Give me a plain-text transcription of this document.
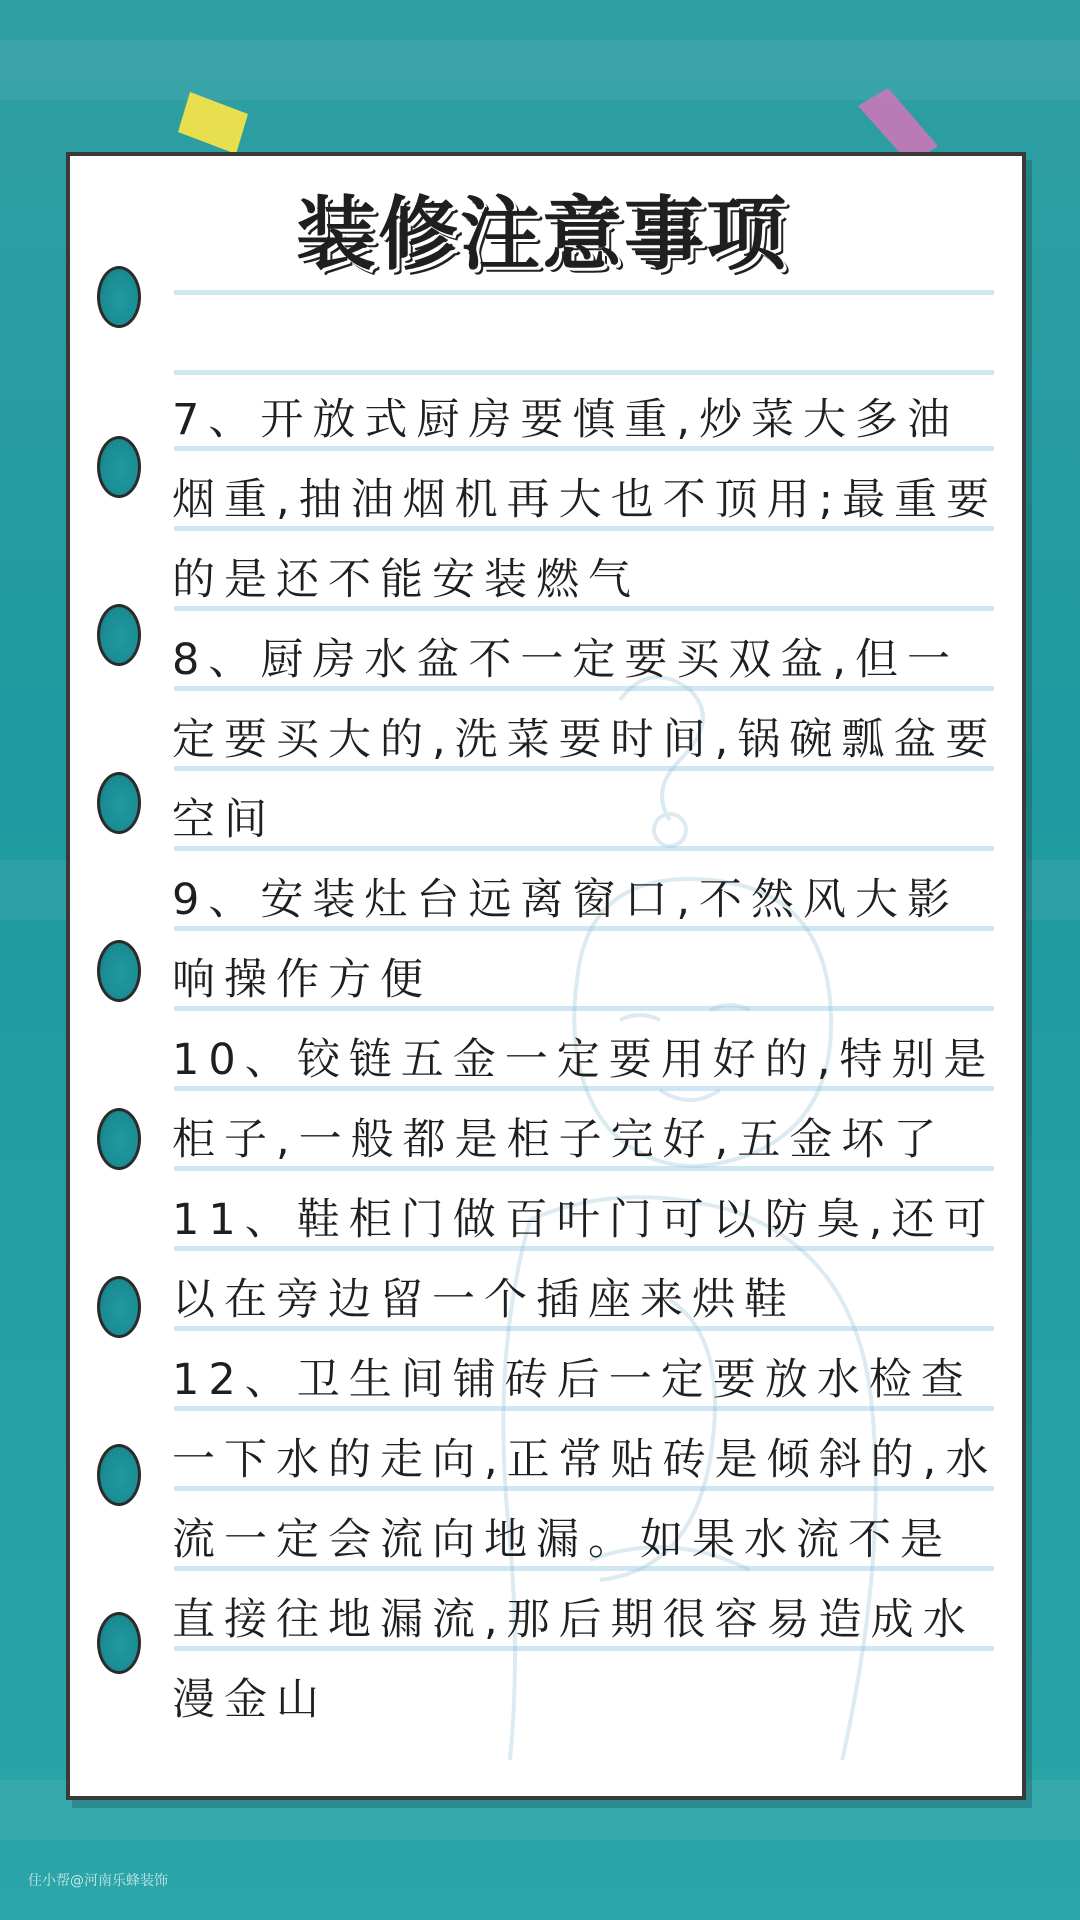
装修注意事项
7、开放式厨房要慎重,炒菜大多油
烟重,抽油烟机再大也不顶用;最重要
的是还不能安装燃气
8、厨房水盆不一定要买双盆,但一
定要买大的,洗菜要时间,锅碗瓢盆要
空间
9、安装灶台远离窗口,不然风大影
响操作方便
10、铰链五金一定要用好的,特别是
柜子,一般都是柜子完好,五金坏了
11、鞋柜门做百叶门可以防臭,还可
以在旁边留一个插座来烘鞋
12、卫生间铺砖后一定要放水检查
一下水的走向,正常贴砖是倾斜的,水
流一定会流向地漏。如果水流不是
直接往地漏流,那后期很容易造成水
漫金山
住小帮@河南乐蜂装饰
